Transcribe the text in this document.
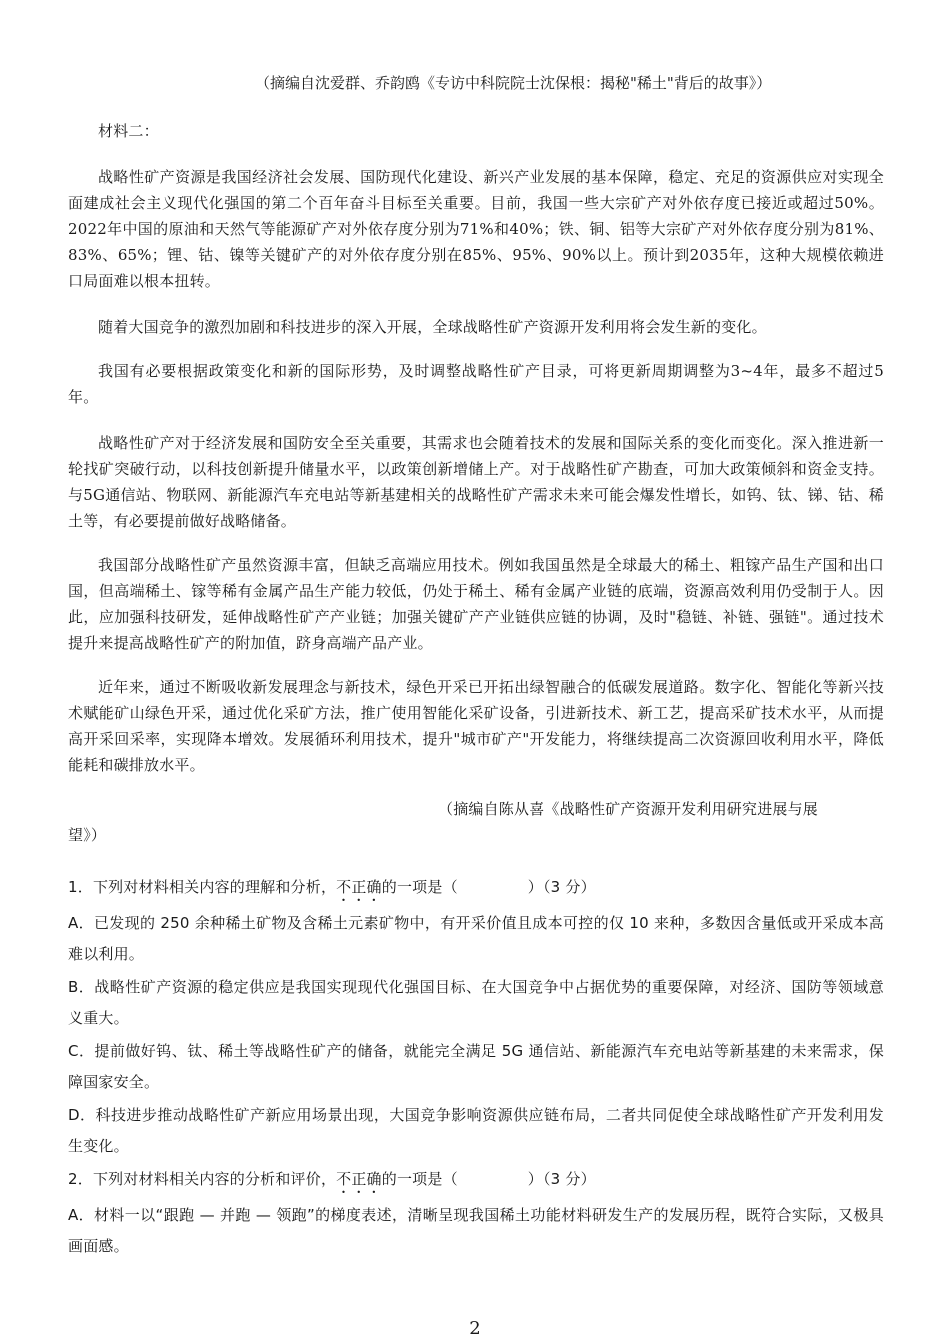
（摘编自沈爱群、乔韵鸥《专访中科院院士沈保根：揭秘"稀土"背后的故事》）

材料二：

战略性矿产资源是我国经济社会发展、国防现代化建设、新兴产业发展的基本保障，稳定、充足的资源供应对实现全面建成社会主义现代化强国的第二个百年奋斗目标至关重要。目前，我国一些大宗矿产对外依存度已接近或超过50%。2022年中国的原油和天然气等能源矿产对外依存度分别为71%和40%；铁、铜、铝等大宗矿产对外依存度分别为81%、83%、65%；锂、钴、镍等关键矿产的对外依存度分别在85%、95%、90%以上。预计到2035年，这种大规模依赖进口局面难以根本扭转。

随着大国竞争的激烈加剧和科技进步的深入开展，全球战略性矿产资源开发利用将会发生新的变化。

我国有必要根据政策变化和新的国际形势，及时调整战略性矿产目录，可将更新周期调整为3~4年，最多不超过5年。

战略性矿产对于经济发展和国防安全至关重要，其需求也会随着技术的发展和国际关系的变化而变化。深入推进新一轮找矿突破行动，以科技创新提升储量水平，以政策创新增储上产。对于战略性矿产勘查，可加大政策倾斜和资金支持。与5G通信站、物联网、新能源汽车充电站等新基建相关的战略性矿产需求未来可能会爆发性增长，如钨、钛、锑、钴、稀土等，有必要提前做好战略储备。

我国部分战略性矿产虽然资源丰富，但缺乏高端应用技术。例如我国虽然是全球最大的稀土、粗镓产品生产国和出口国，但高端稀土、镓等稀有金属产品生产能力较低，仍处于稀土、稀有金属产业链的底端，资源高效利用仍受制于人。因此，应加强科技研发，延伸战略性矿产产业链；加强关键矿产产业链供应链的协调，及时"稳链、补链、强链"。通过技术提升来提高战略性矿产的附加值，跻身高端产品产业。

近年来，通过不断吸收新发展理念与新技术，绿色开采已开拓出绿智融合的低碳发展道路。数字化、智能化等新兴技术赋能矿山绿色开采，通过优化采矿方法，推广使用智能化采矿设备，引进新技术、新工艺，提高采矿技术水平，从而提高开采回采率，实现降本增效。发展循环利用技术，提升"城市矿产"开发能力，将继续提高二次资源回收利用水平，降低能耗和碳排放水平。

（摘编自陈从喜《战略性矿产资源开发利用研究进展与展
望》）
1．下列对材料相关内容的理解和分析，不正确的一项是（	）（3 分）
A．已发现的 250 余种稀土矿物及含稀土元素矿物中，有开采价值且成本可控的仅 10 来种，多数因含量低或开采成本高难以利用。
B．战略性矿产资源的稳定供应是我国实现现代化强国目标、在大国竞争中占据优势的重要保障，对经济、国防等领域意义重大。
C．提前做好钨、钛、稀土等战略性矿产的储备，就能完全满足 5G 通信站、新能源汽车充电站等新基建的未来需求，保障国家安全。
D．科技进步推动战略性矿产新应用场景出现，大国竞争影响资源供应链布局，二者共同促使全球战略性矿产开发利用发生变化。
2．下列对材料相关内容的分析和评价，不正确的一项是（	）（3 分）
A．材料一以“跟跑 — 并跑 — 领跑”的梯度表述，清晰呈现我国稀土功能材料研发生产的发展历程，既符合实际，又极具画面感。
2
